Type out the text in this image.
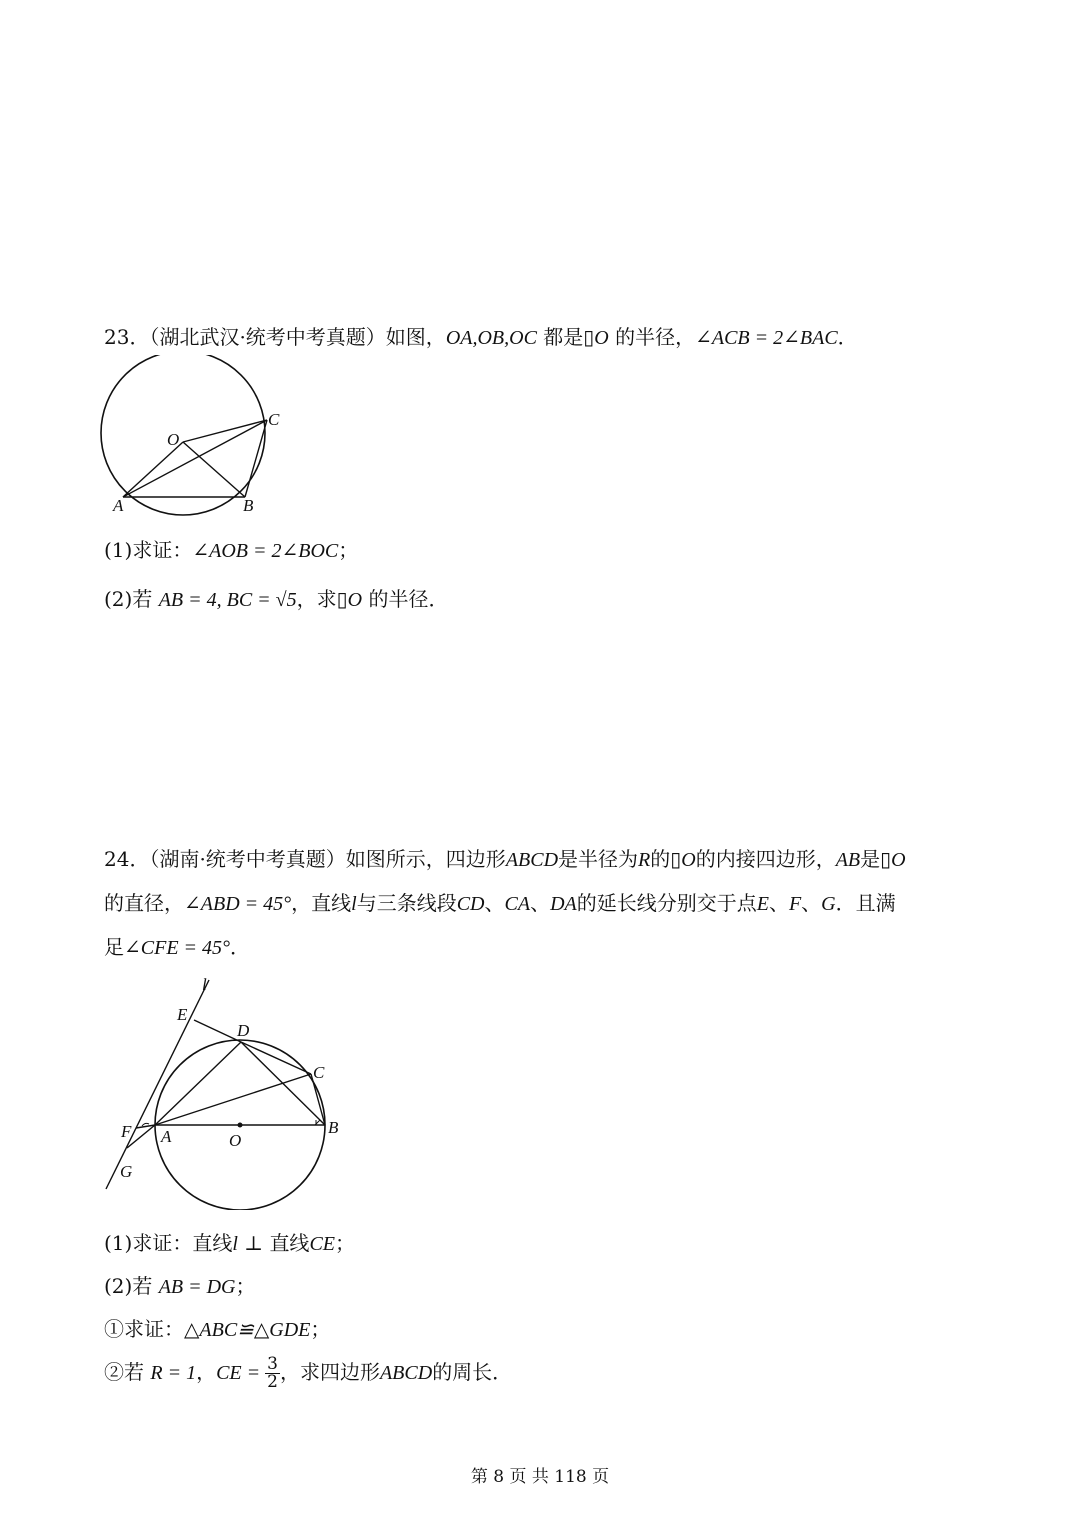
23．（湖北武汉·统考中考真题）如图，OA,OB,OC 都是▯O 的半径，∠ACB = 2∠BAC．
O
A	B
C
(1)求证：∠AOB = 2∠BOC；
(2)若 AB = 4, BC = √5，求▯O 的半径．
24．（湖南·统考中考真题）如图所示，四边形ABCD是半径为R的▯O的内接四边形，AB是▯O
的直径，∠ABD = 45°，直线l与三条线段CD、CA、DA的延长线分别交于点E、F、G．且满
足∠CFE = 45°．
l
E
D
C
F A	O
B
G
(1)求证：直线l ⊥ 直线CE；
(2)若 AB = DG；
①求证：△ABC≌△GDE；
②若 R = 1，CE = $\frac{3}{2}$ ，求四边形ABCD的周长．
第 8 页 共 118 页
